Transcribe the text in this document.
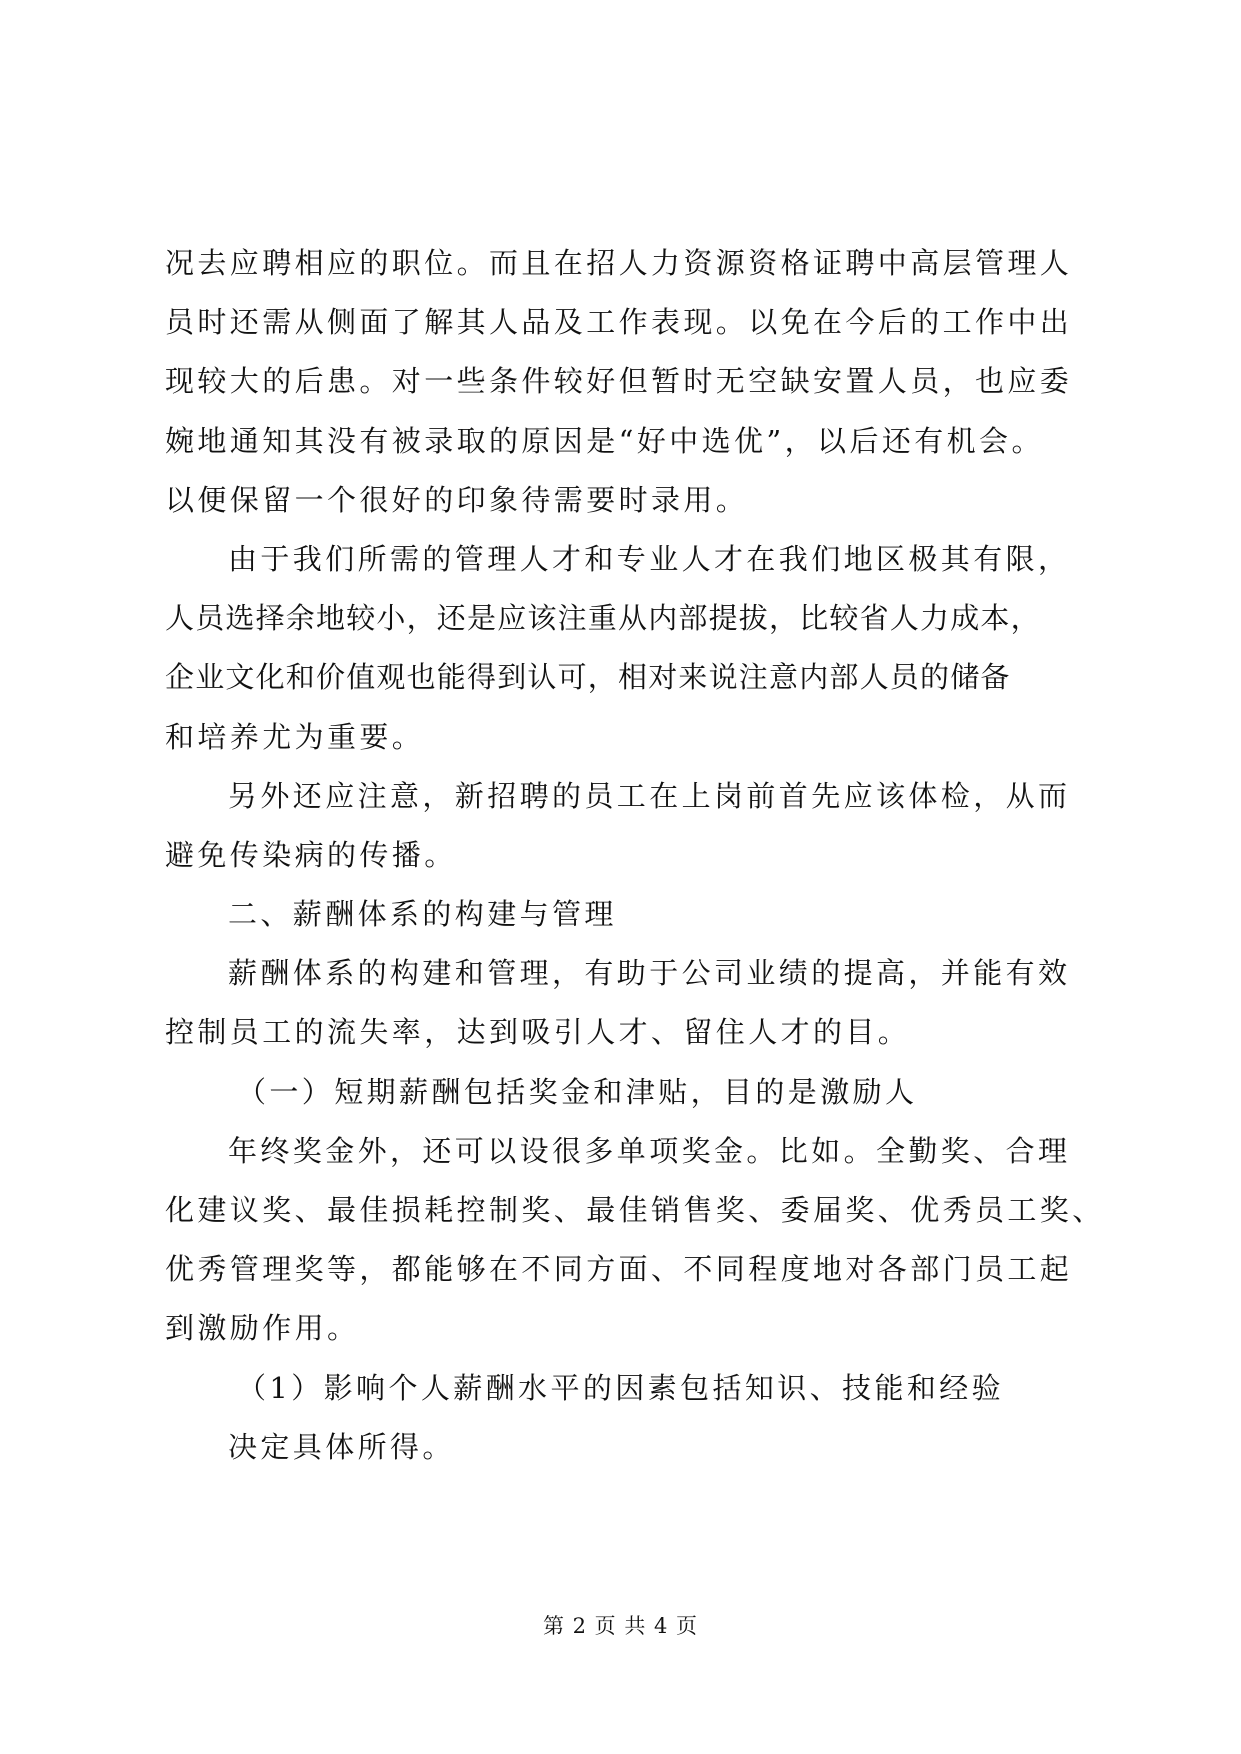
况去应聘相应的职位。而且在招人力资源资格证聘中高层管理人
员时还需从侧面了解其人品及工作表现。以免在今后的工作中出
现较大的后患。对一些条件较好但暂时无空缺安置人员，也应委
婉地通知其没有被录取的原因是“好中选优”，以后还有机会。
以便保留一个很好的印象待需要时录用。
由于我们所需的管理人才和专业人才在我们地区极其有限，
人员选择余地较小，还是应该注重从内部提拔，比较省人力成本，
企业文化和价值观也能得到认可，相对来说注意内部人员的储备
和培养尤为重要。
另外还应注意，新招聘的员工在上岗前首先应该体检，从而
避免传染病的传播。
二、薪酬体系的构建与管理
薪酬体系的构建和管理，有助于公司业绩的提高，并能有效
控制员工的流失率，达到吸引人才、留住人才的目。
（一）短期薪酬包括奖金和津贴，目的是激励人
年终奖金外，还可以设很多单项奖金。比如。全勤奖、合理
化建议奖、最佳损耗控制奖、最佳销售奖、委届奖、优秀员工奖、
优秀管理奖等，都能够在不同方面、不同程度地对各部门员工起
到激励作用。
（1）影响个人薪酬水平的因素包括知识、技能和经验
决定具体所得。
第 2 页 共 4 页
